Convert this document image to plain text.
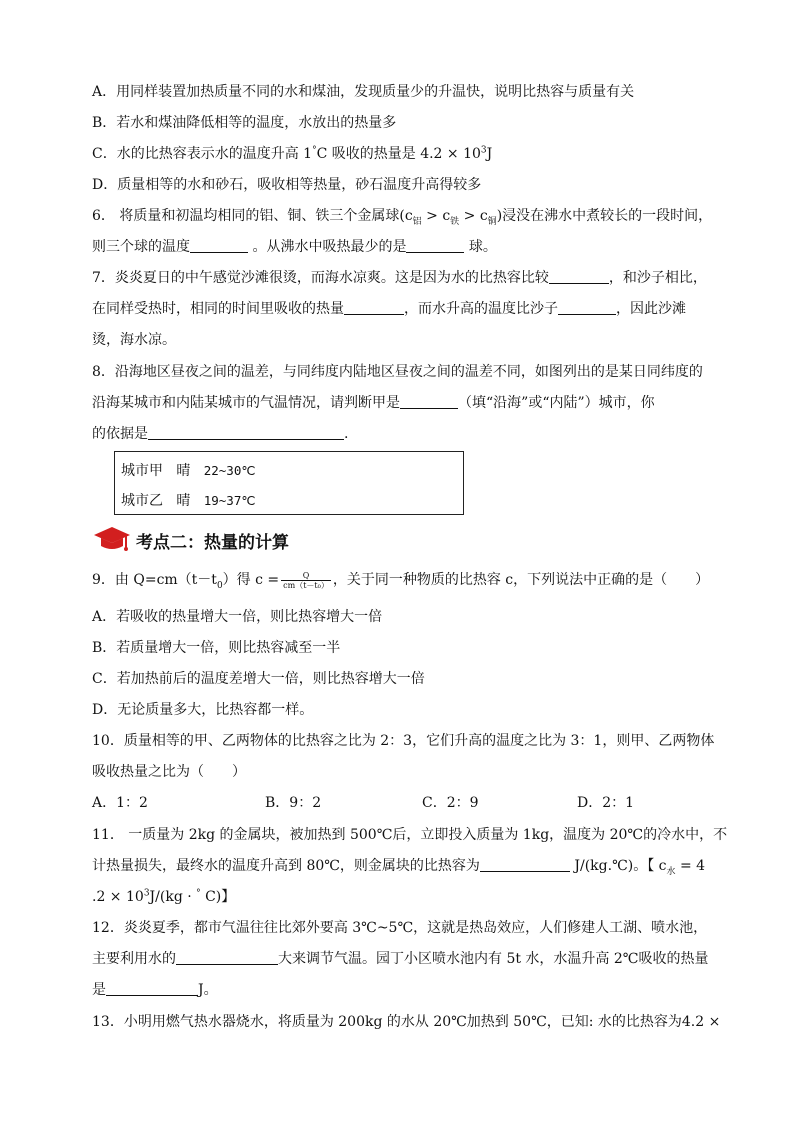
A．用同样装置加热质量不同的水和煤油，发现质量少的升温快，说明比热容与质量有关
B．若水和煤油降低相等的温度，水放出的热量多
C．水的比热容表示水的温度升高 1°C 吸收的热量是 $4.2 \times 10^3J$
D．质量相等的水和砂石，吸收相等热量，砂石温度升高得较多
6． 将质量和初温均相同的铝、铜、铁三个金属球$(c_铝 > c_铁 > c_铜)$浸没在沸水中煮较长的一段时间，
则三个球的温度	。从沸水中吸热最少的是	球。
7．炎炎夏日的中午感觉沙滩很烫，而海水凉爽。这是因为水的比热容比较	，和沙子相比，
在同样受热时，相同的时间里吸收的热量	，而水升高的温度比沙子	，因此沙滩
烫，海水凉。
8．沿海地区昼夜之间的温差，与同纬度内陆地区昼夜之间的温差不同，如图列出的是某日同纬度的
沿海某城市和内陆某城市的气温情况，请判断甲是	（填“沿海”或“内陆”）城市，你
的依据是	.
城市甲 晴 22~30℃
城市乙 晴 19~37℃
考点二：热量的计算
9．由 $Q=cm(t-t_0)$得 $c = \frac{Q}{\text{cm（t－t₀）}}$ ，关于同一种物质的比热容 c，下列说法中正确的是（　　）
A．若吸收的热量增大一倍，则比热容增大一倍
B．若质量增大一倍，则比热容减至一半
C．若加热前后的温度差增大一倍，则比热容增大一倍
D．无论质量多大，比热容都一样。
10．质量相等的甲、乙两物体的比热容之比为 2：3，它们升高的温度之比为 3：1，则甲、乙两物体
吸收热量之比为（　　）
A．1：2	B．9：2	C．2：9	D．2：1
11． 一质量为 2kg 的金属块，被加热到 500℃后，立即投入质量为 1kg，温度为 20℃的冷水中，不
计热量损失，最终水的温度升高到 80℃，则金属块的比热容为	J/(kg.℃)。【 $c_水 = 4$
$.2 \times 10^3J/(kg \cdot ^\circ$ C)】
12．炎炎夏季，都市气温往往比郊外要高 3℃~5℃，这就是热岛效应，人们修建人工湖、喷水池，
主要利用水的	大来调节气温。园丁小区喷水池内有 5t 水，水温升高 2℃吸收的热量
是	J。
13．小明用燃气热水器烧水，将质量为 200kg 的水从 20℃加热到 50℃，已知: 水的比热容为4.2 ×
